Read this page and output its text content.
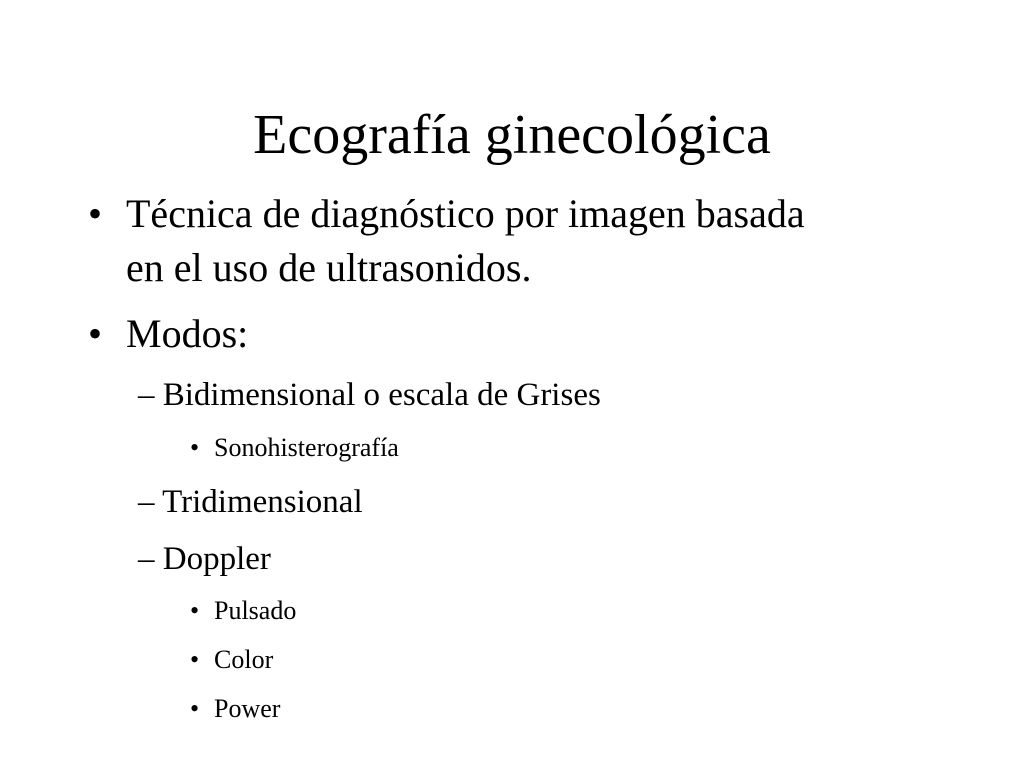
Ecografía ginecológica
• Técnica de diagnóstico por imagen basada
en el uso de ultrasonidos.
• Modos:
– Bidimensional o escala de Grises
• Sonohisterografía
– Tridimensional
– Doppler
• Pulsado
• Color
• Power
